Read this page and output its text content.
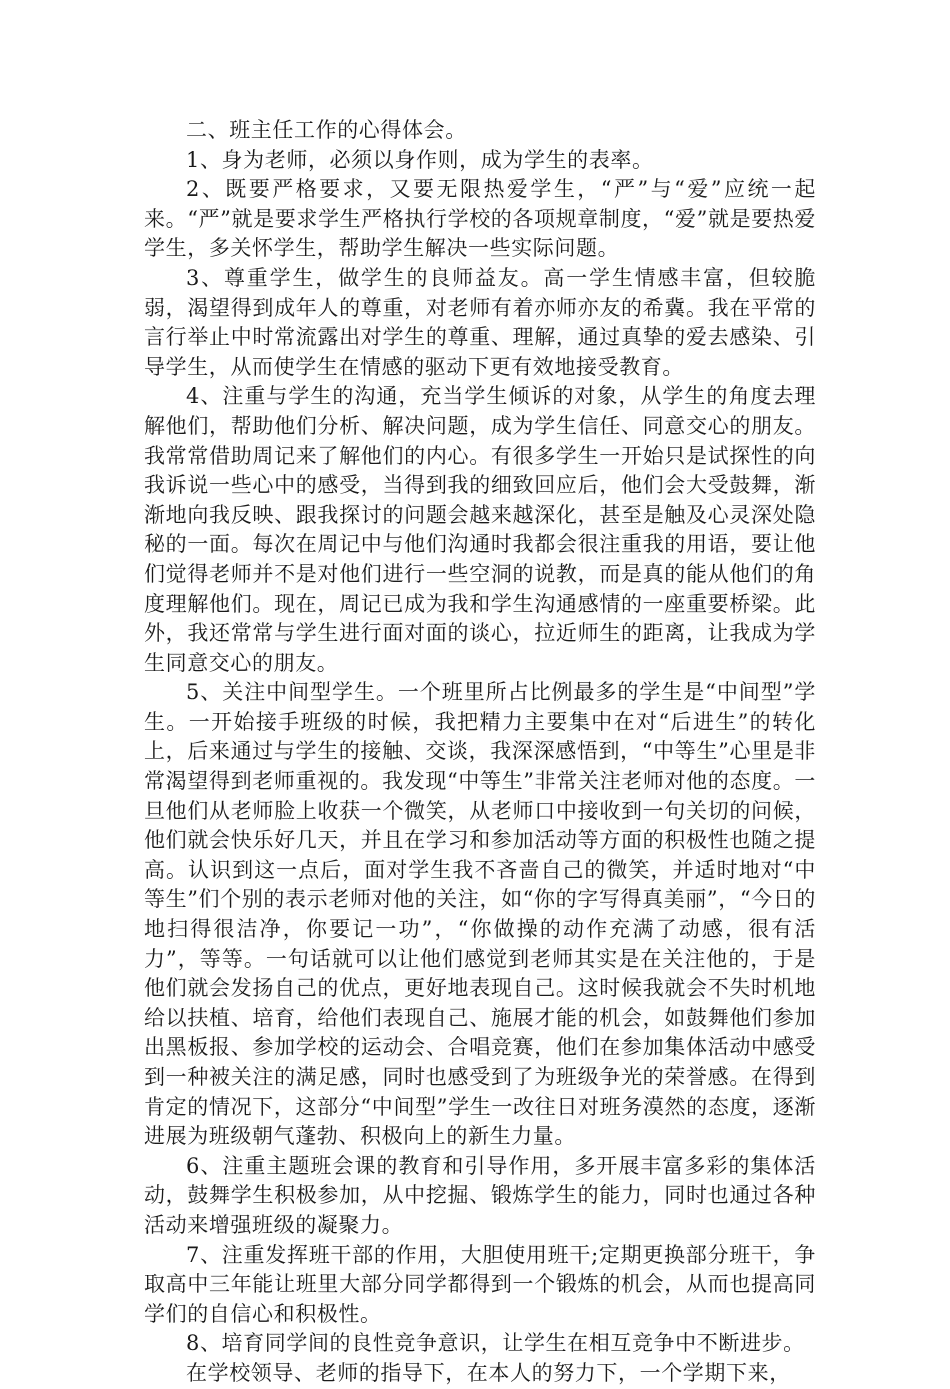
二、班主任工作的心得体会。

1、身为老师，必须以身作则，成为学生的表率。

2、既要严格要求，又要无限热爱学生，“严”与“爱”应统一起来。“严”就是要求学生严格执行学校的各项规章制度，“爱”就是要热爱学生，多关怀学生，帮助学生解决一些实际问题。

3、尊重学生，做学生的良师益友。高一学生情感丰富，但较脆弱，渴望得到成年人的尊重，对老师有着亦师亦友的希冀。我在平常的言行举止中时常流露出对学生的尊重、理解，通过真挚的爱去感染、引导学生，从而使学生在情感的驱动下更有效地接受教育。

4、注重与学生的沟通，充当学生倾诉的对象，从学生的角度去理解他们，帮助他们分析、解决问题，成为学生信任、同意交心的朋友。我常常借助周记来了解他们的内心。有很多学生一开始只是试探性的向我诉说一些心中的感受，当得到我的细致回应后，他们会大受鼓舞，渐渐地向我反映、跟我探讨的问题会越来越深化，甚至是触及心灵深处隐秘的一面。每次在周记中与他们沟通时我都会很注重我的用语，要让他们觉得老师并不是对他们进行一些空洞的说教，而是真的能从他们的角度理解他们。现在，周记已成为我和学生沟通感情的一座重要桥梁。此外，我还常常与学生进行面对面的谈心，拉近师生的距离，让我成为学生同意交心的朋友。

5、关注中间型学生。一个班里所占比例最多的学生是“中间型”学生。一开始接手班级的时候，我把精力主要集中在对“后进生”的转化上，后来通过与学生的接触、交谈，我深深感悟到，“中等生”心里是非常渴望得到老师重视的。我发现“中等生”非常关注老师对他的态度。一旦他们从老师脸上收获一个微笑，从老师口中接收到一句关切的问候，他们就会快乐好几天，并且在学习和参加活动等方面的积极性也随之提高。认识到这一点后，面对学生我不吝啬自己的微笑，并适时地对“中等生”们个别的表示老师对他的关注，如“你的字写得真美丽”，“今日的地扫得很洁净，你要记一功”，“你做操的动作充满了动感，很有活力”，等等。一句话就可以让他们感觉到老师其实是在关注他的，于是他们就会发扬自己的优点，更好地表现自己。这时候我就会不失时机地给以扶植、培育，给他们表现自己、施展才能的机会，如鼓舞他们参加出黑板报、参加学校的运动会、合唱竞赛，他们在参加集体活动中感受到一种被关注的满足感，同时也感受到了为班级争光的荣誉感。在得到肯定的情况下，这部分“中间型”学生一改往日对班务漠然的态度，逐渐进展为班级朝气蓬勃、积极向上的新生力量。

6、注重主题班会课的教育和引导作用，多开展丰富多彩的集体活动，鼓舞学生积极参加，从中挖掘、锻炼学生的能力，同时也通过各种活动来增强班级的凝聚力。

7、注重发挥班干部的作用，大胆使用班干;定期更换部分班干，争取高中三年能让班里大部分同学都得到一个锻炼的机会，从而也提高同学们的自信心和积极性。

8、培育同学间的良性竞争意识，让学生在相互竞争中不断进步。

在学校领导、老师的指导下，在本人的努力下，一个学期下来，
